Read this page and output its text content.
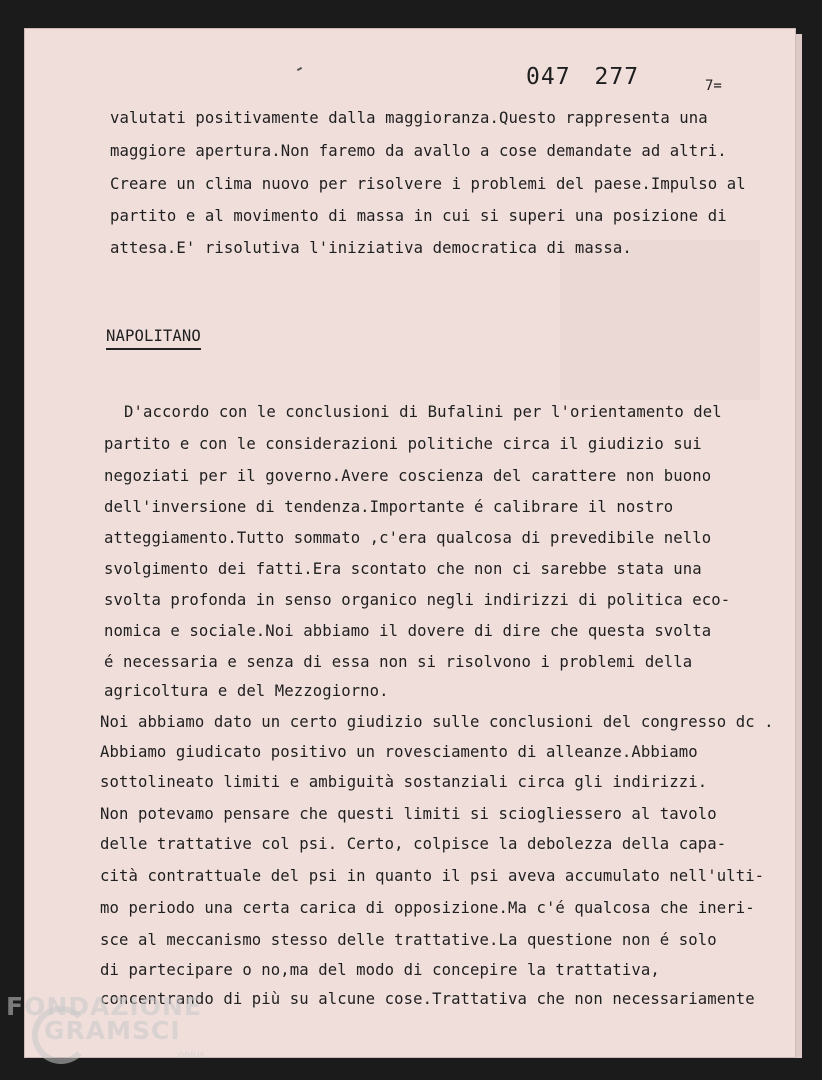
047 277	7=
valutati positivamente dalla maggioranza.Questo rappresenta una
maggiore apertura.Non faremo da avallo a cose demandate ad altri.
Creare un clima nuovo per risolvere i problemi del paese.Impulso al
partito e al movimento di massa in cui si superi una posizione di
attesa.E' risolutiva l'iniziativa democratica di massa.
NAPOLITANO
D'accordo con le conclusioni di Bufalini per l'orientamento del
partito e con le considerazioni politiche circa il giudizio sui
negoziati per il governo.Avere coscienza del carattere non buono
dell'inversione di tendenza.Importante é calibrare il nostro
atteggiamento.Tutto sommato ,c'era qualcosa di prevedibile nello
svolgimento dei fatti.Era scontato che non ci sarebbe stata una
svolta profonda in senso organico negli indirizzi di politica eco-
nomica e sociale.Noi abbiamo il dovere di dire che questa svolta
é necessaria e senza di essa non si risolvono i problemi della
agricoltura e del Mezzogiorno.
Noi abbiamo dato un certo giudizio sulle conclusioni del congresso dc .
Abbiamo giudicato positivo un rovesciamento di alleanze.Abbiamo
sottolineato limiti e ambiguità sostanziali circa gli indirizzi.
Non potevamo pensare che questi limiti si sciogliessero al tavolo
delle trattative col psi. Certo, colpisce la debolezza della capa-
cità contrattuale del psi in quanto il psi aveva accumulato nell'ulti-
mo periodo una certa carica di opposizione.Ma c'é qualcosa che ineri-
sce al meccanismo stesso delle trattative.La questione non é solo
di partecipare o no,ma del modo di concepire la trattativa,
concentrando di più su alcune cose.Trattativa che non necessariamente
FONDAZIONE
GRAMSCI
onlus
